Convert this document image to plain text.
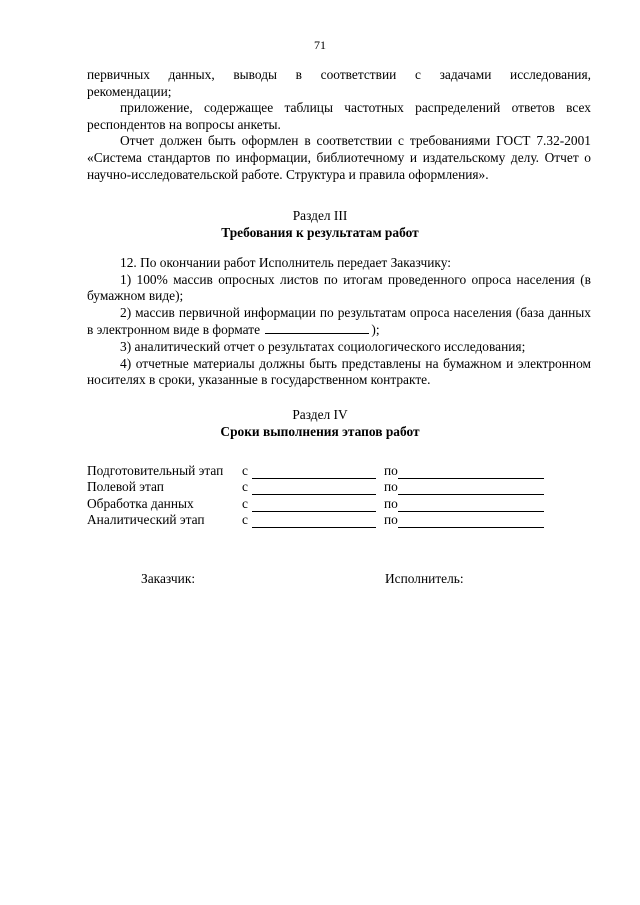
71

первичных данных, выводы в соответствии с задачами исследования,

рекомендации;

приложение, содержащее таблицы частотных распределений ответов всех респондентов на вопросы анкеты.

Отчет должен быть оформлен в соответствии с требованиями ГОСТ 7.32-2001 «Система стандартов по информации, библиотечному и издательскому делу. Отчет о научно-исследовательской работе. Структура и правила оформления».

Раздел III
Требования к результатам работ

12. По окончании работ Исполнитель передает Заказчику:

1) 100% массив опросных листов по итогам проведенного опроса населения (в бумажном виде);

2) массив первичной информации по результатам опроса населения (база данных в электронном виде в формате	);

3) аналитический отчет о результатах социологического исследования;

4) отчетные материалы должны быть представлены на бумажном и электронном носителях в сроки, указанные в государственном контракте.

Раздел IV
Сроки выполнения этапов работ
Подготовительный этап	с		по	

Полевой этап	с		по	

Обработка данных	с		по	

Аналитический этап	с		по	
Заказчик:	Исполнитель:
